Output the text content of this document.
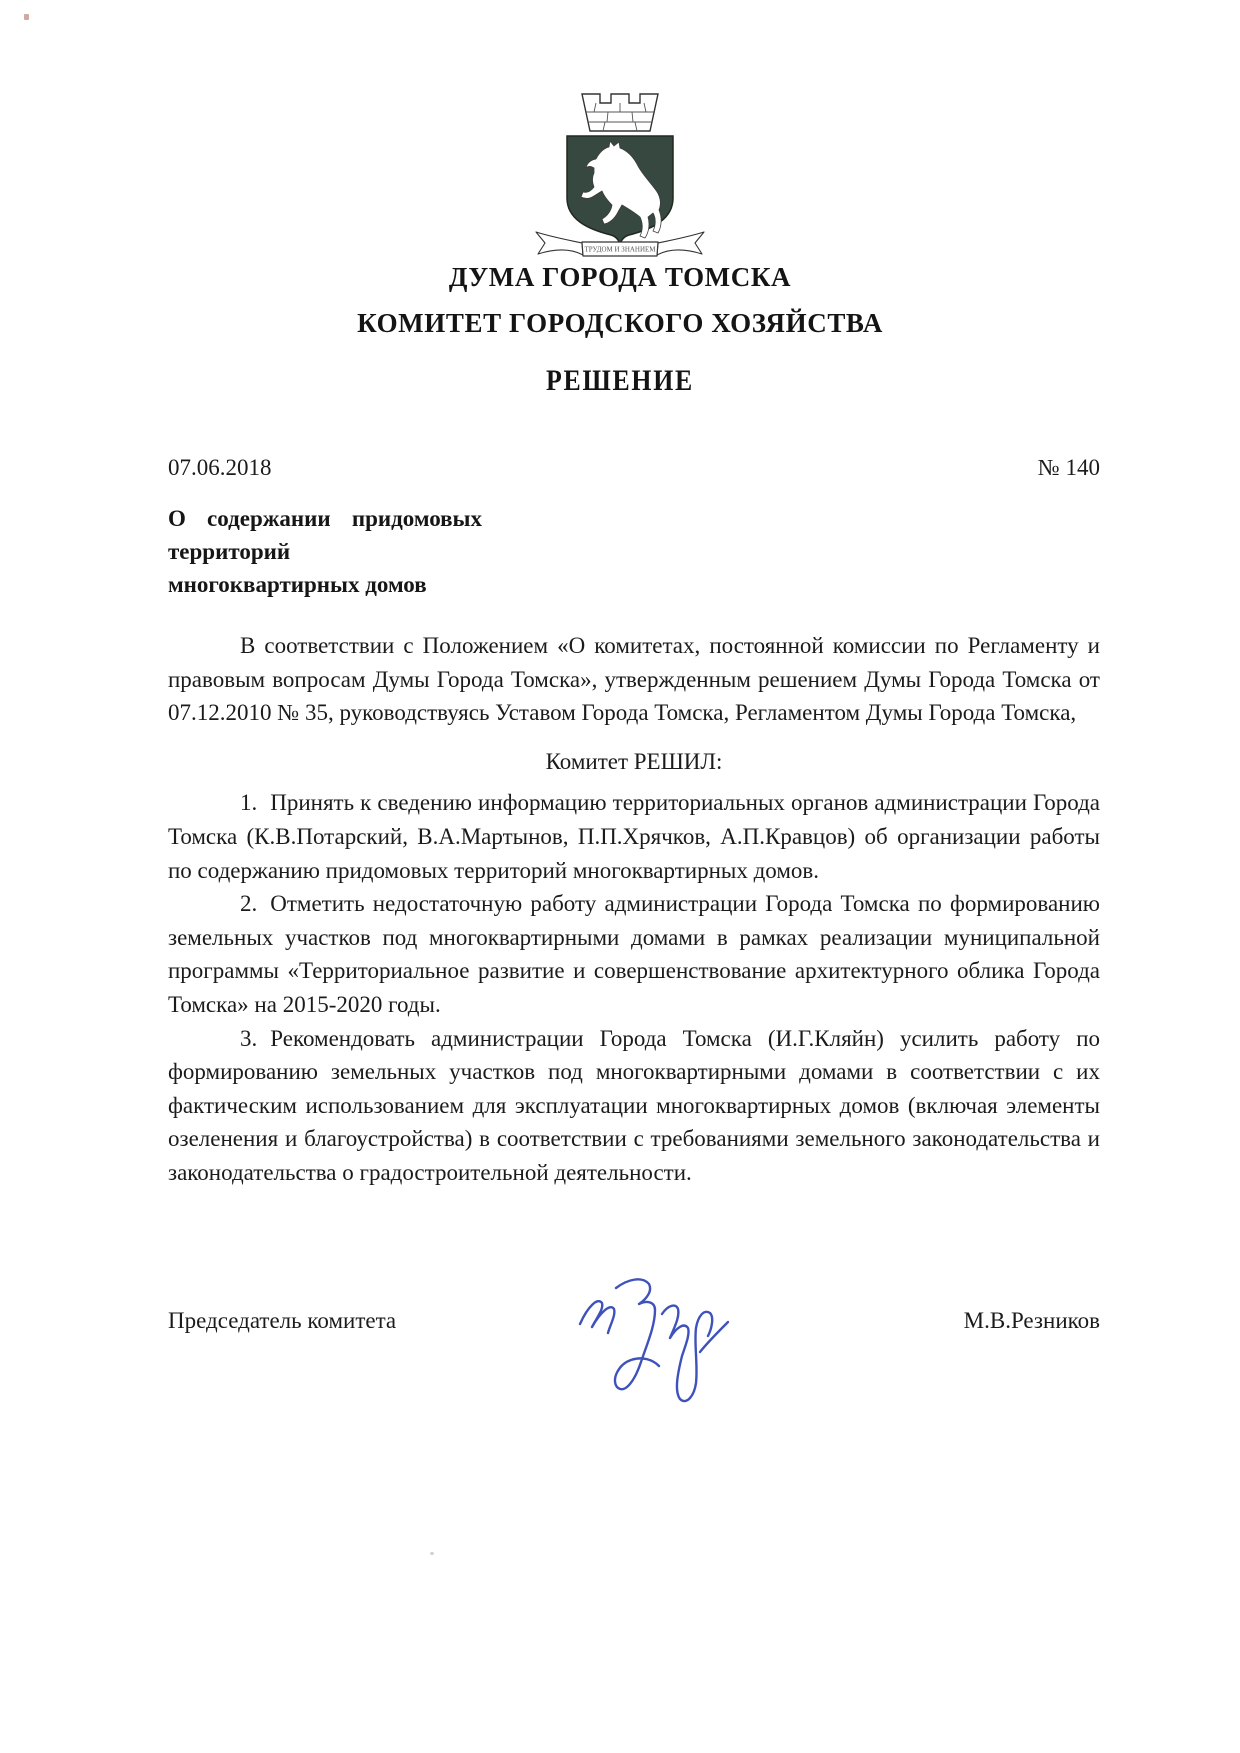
ТРУДОМ И ЗНАНИЕМ
ДУМА ГОРОДА ТОМСКА
КОМИТЕТ ГОРОДСКОГО ХОЗЯЙСТВА
РЕШЕНИЕ
07.06.2018	№ 140
О содержании придомовых территорий многоквартирных домов

В соответствии с Положением «О комитетах, постоянной комиссии по Регламенту и правовым вопросам Думы Города Томска», утвержденным решением Думы Города Томска от 07.12.2010 № 35, руководствуясь Уставом Города Томска, Регламентом Думы Города Томска,

Комитет РЕШИЛ:

1. Принять к сведению информацию территориальных органов администрации Города Томска (К.В.Потарский, В.А.Мартынов, П.П.Хрячков, А.П.Кравцов) об организации работы по содержанию придомовых территорий многоквартирных домов.

2. Отметить недостаточную работу администрации Города Томска по формированию земельных участков под многоквартирными домами в рамках реализации муниципальной программы «Территориальное развитие и совершенствование архитектурного облика Города Томска» на 2015-2020 годы.

3. Рекомендовать администрации Города Томска (И.Г.Кляйн) усилить работу по формированию земельных участков под многоквартирными домами в соответствии с их фактическим использованием для эксплуатации многоквартирных домов (включая элементы озеленения и благоустройства) в соответствии с требованиями земельного законодательства и законодательства о градостроительной деятельности.

Председатель комитета	М.В.Резников
